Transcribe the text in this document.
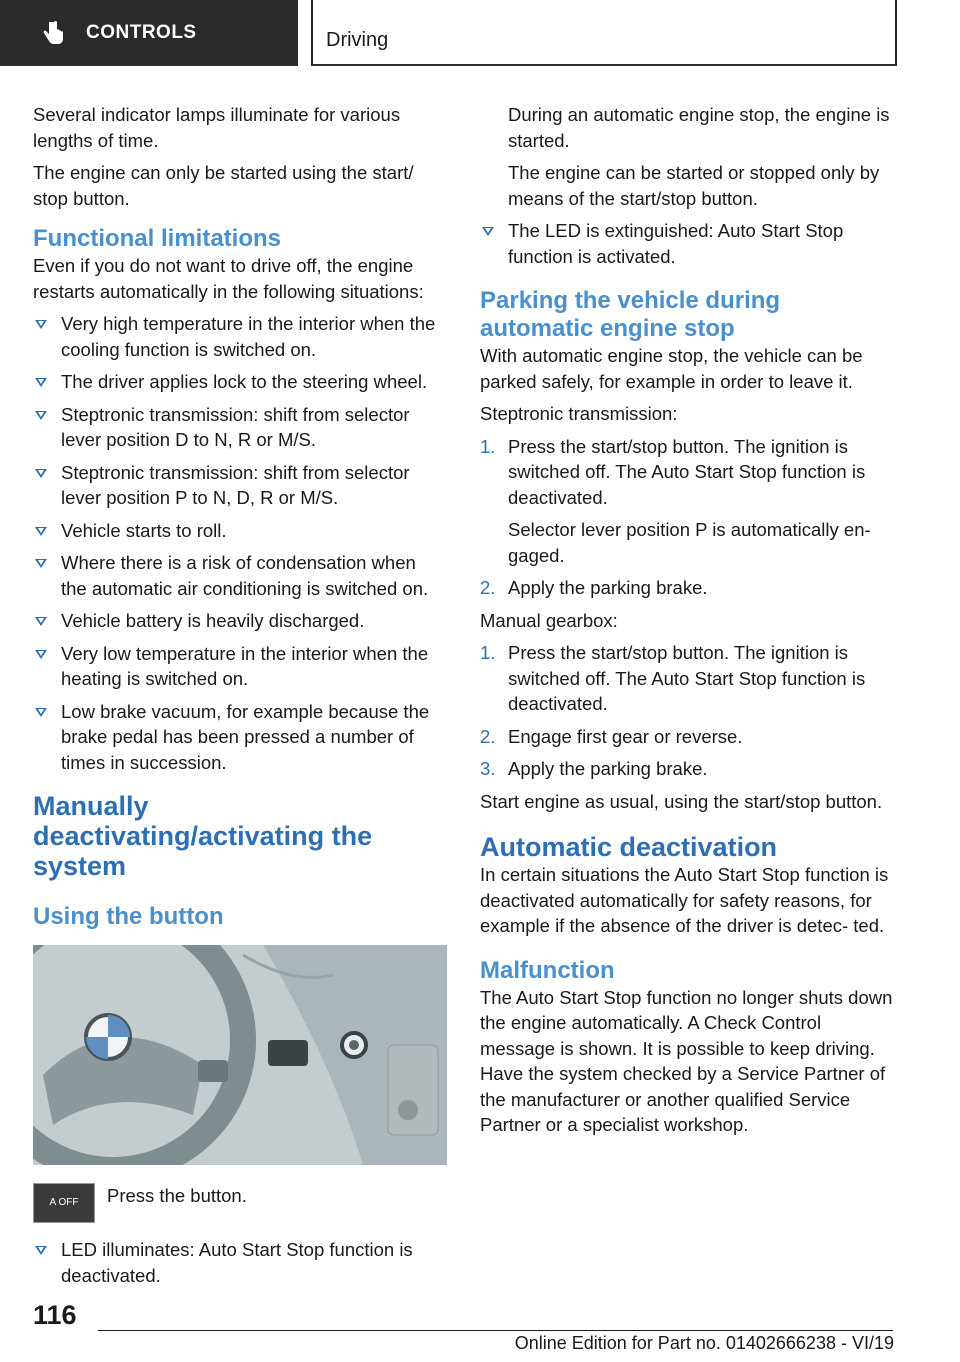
CONTROLS	Driving

Several indicator lamps illuminate for various lengths of time.

The engine can only be started using the start/ stop button.

Functional limitations

Even if you do not want to drive off, the engine restarts automatically in the following situations:

Very high temperature in the interior when the cooling function is switched on.
The driver applies lock to the steering wheel.
Steptronic transmission: shift from selector lever position D to N, R or M/S.
Steptronic transmission: shift from selector lever position P to N, D, R or M/S.
Vehicle starts to roll.
Where there is a risk of condensation when the automatic air conditioning is switched on.
Vehicle battery is heavily discharged.
Very low temperature in the interior when the heating is switched on.
Low brake vacuum, for example because the brake pedal has been pressed a number of times in succession.
Manually deactivating/activating the system
Using the button
A OFF Press the button.
LED illuminates: Auto Start Stop function is deactivated.

During an automatic engine stop, the engine is started.

The engine can be started or stopped only by means of the start/stop button.

The LED is extinguished: Auto Start Stop function is activated.
Parking the vehicle during automatic engine stop

With automatic engine stop, the vehicle can be parked safely, for example in order to leave it.

Steptronic transmission:

1. Press the start/stop button. The ignition is switched off. The Auto Start Stop function is deactivated.

Selector lever position P is automatically en‐ gaged.

2. Apply the parking brake.

Manual gearbox:

1. Press the start/stop button. The ignition is switched off. The Auto Start Stop function is deactivated.
2. Engage first gear or reverse.
3. Apply the parking brake.

Start engine as usual, using the start/stop button.

Automatic deactivation

In certain situations the Auto Start Stop function is deactivated automatically for safety reasons, for example if the absence of the driver is detec‐ ted.

Malfunction

The Auto Start Stop function no longer shuts down the engine automatically. A Check Control message is shown. It is possible to keep driving. Have the system checked by a Service Partner of the manufacturer or another qualified Service Partner or a specialist workshop.

116
Online Edition for Part no. 01402666238 - VI/19
